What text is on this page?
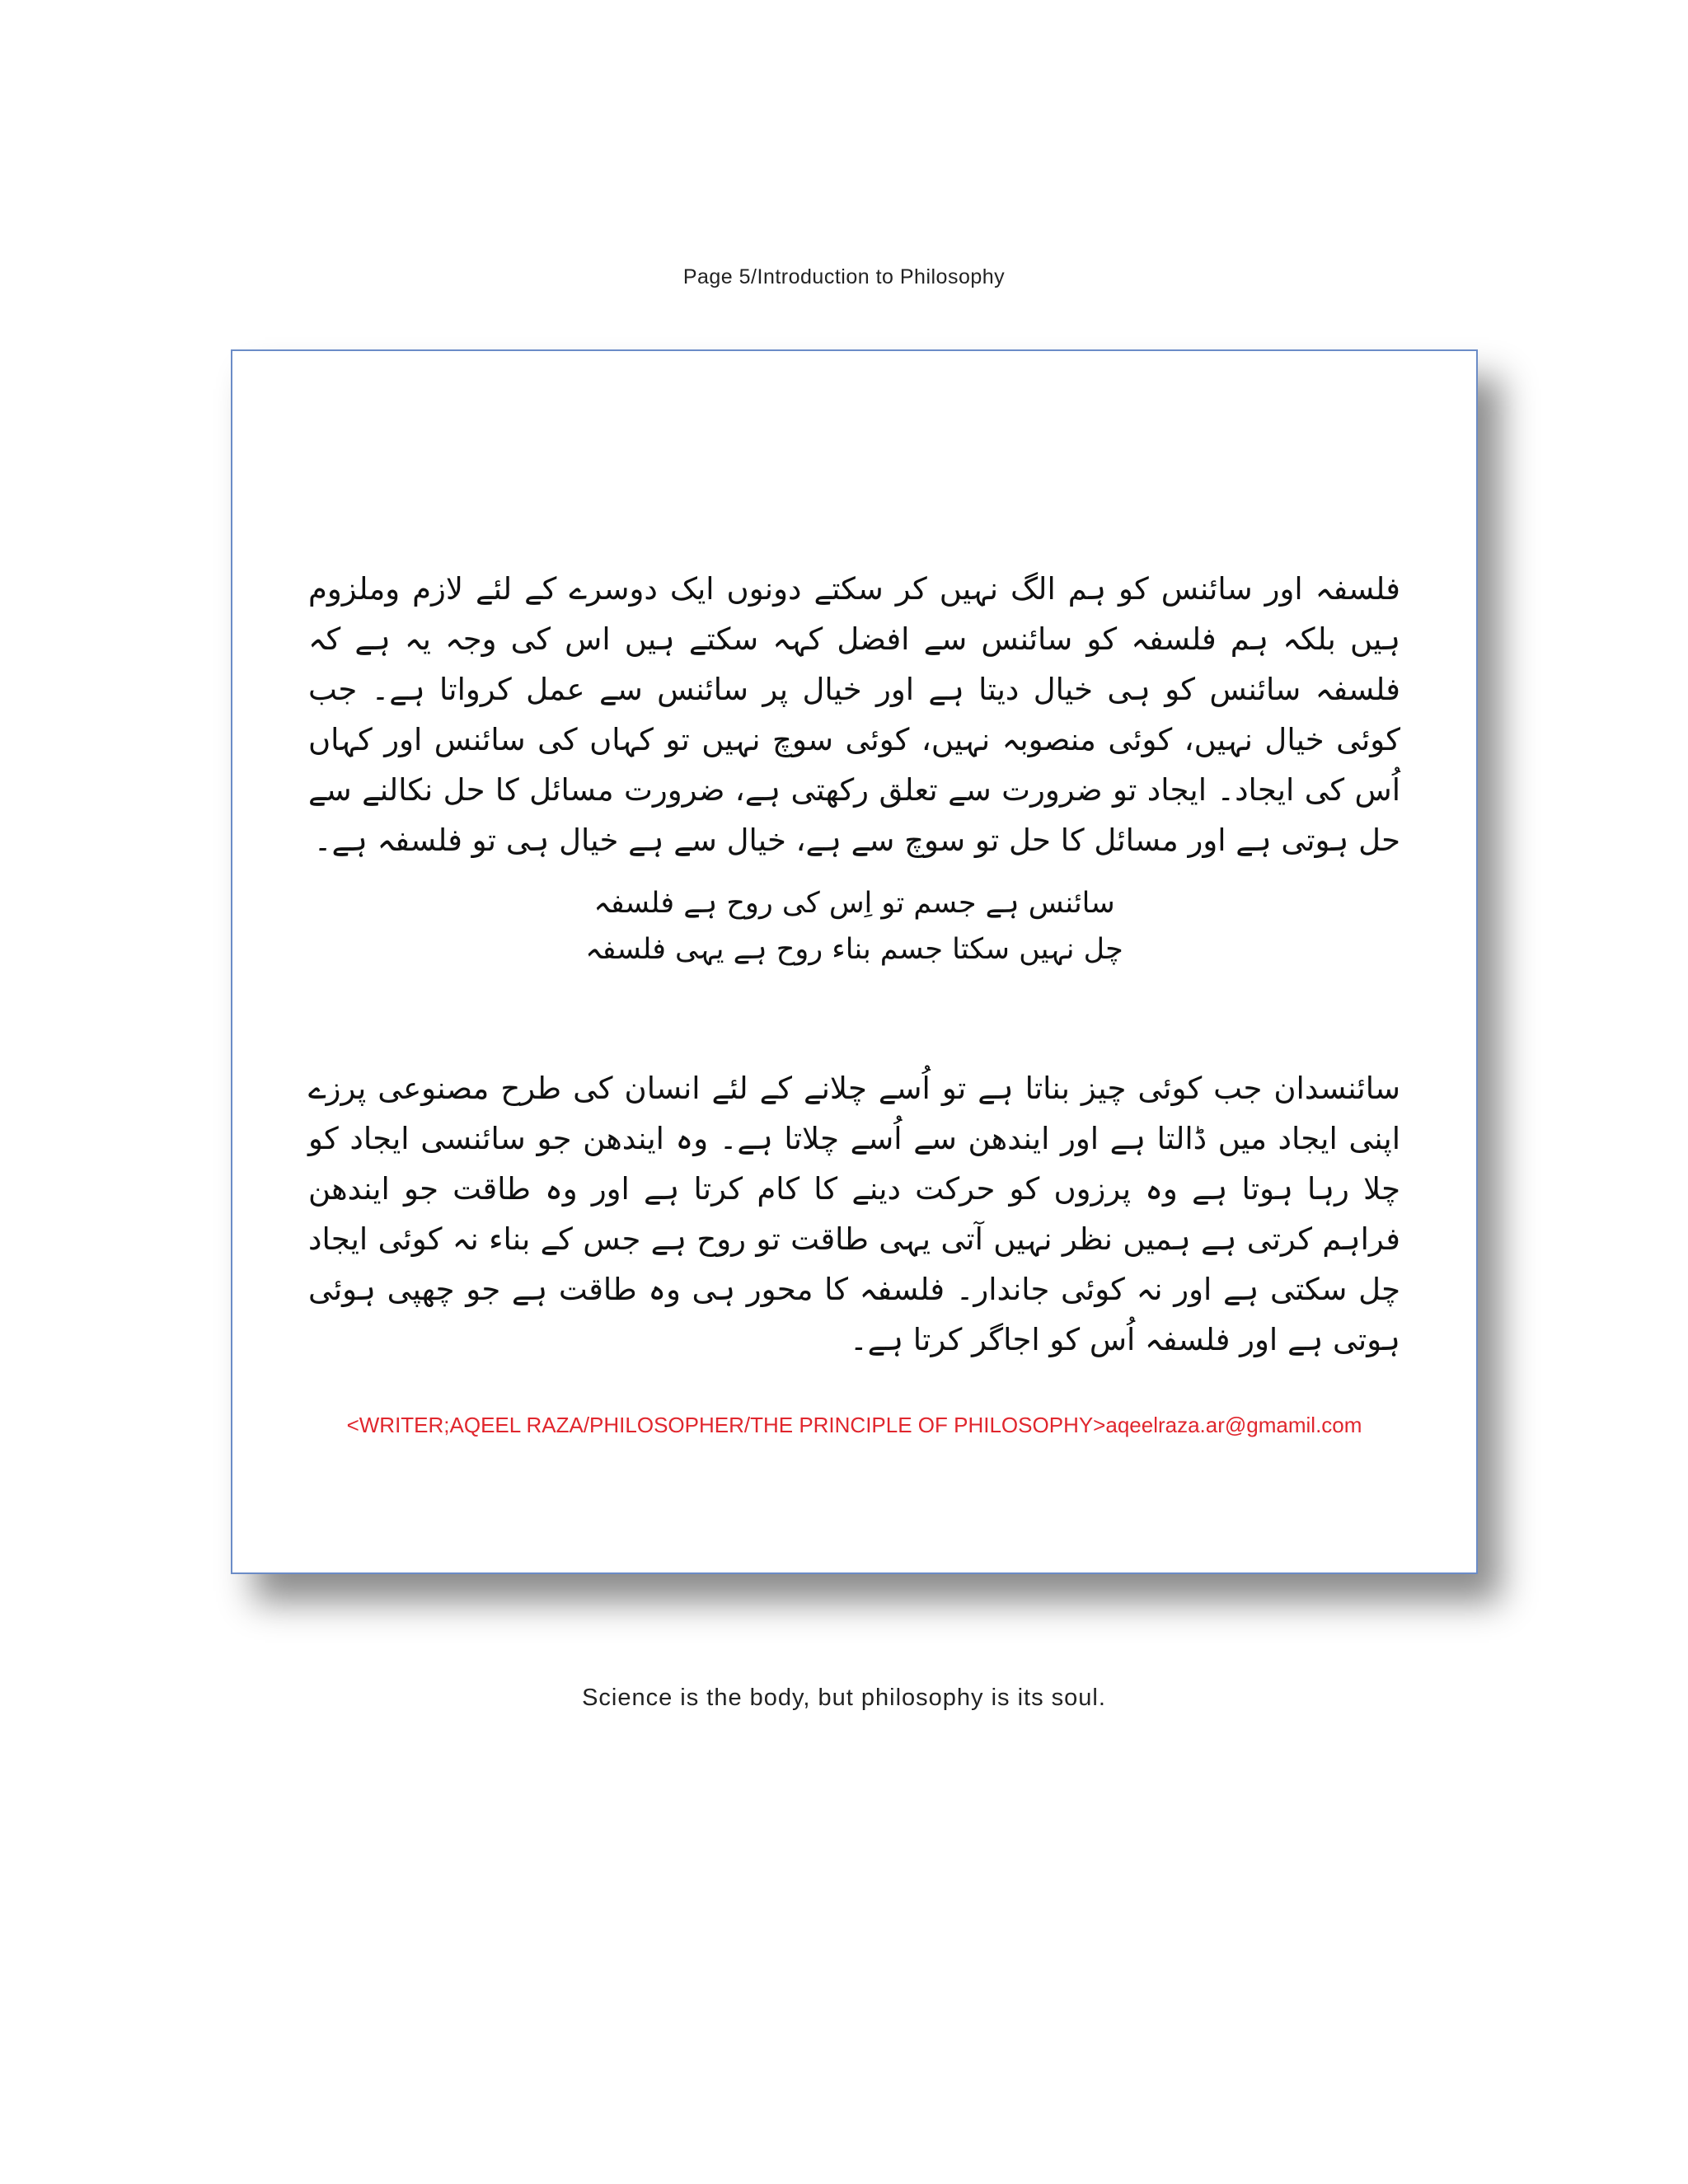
Page 5/Introduction to Philosophy
فلسفہ اور سائنس کو ہم الگ نہیں کر سکتے دونوں ایک دوسرے کے لئے لازم وملزوم ہیں بلکہ ہم فلسفہ کو سائنس سے افضل کہہ سکتے ہیں اس کی وجہ یہ ہے کہ فلسفہ سائنس کو ہی خیال دیتا ہے اور خیال پر سائنس سے عمل کرواتا ہے۔ جب کوئی خیال نہیں، کوئی منصوبہ نہیں، کوئی سوچ نہیں تو کہاں کی سائنس اور کہاں اُس کی ایجاد۔ ایجاد تو ضرورت سے تعلق رکھتی ہے، ضرورت مسائل کا حل نکالنے سے حل ہوتی ہے اور مسائل کا حل تو سوچ سے ہے، خیال سے ہے خیال ہی تو فلسفہ ہے۔
سائنس ہے جسم تو اِس کی روح ہے فلسفہ
چل نہیں سکتا جسم بناء روح ہے یہی فلسفہ
سائنسدان جب کوئی چیز بناتا ہے تو اُسے چلانے کے لئے انسان کی طرح مصنوعی پرزے اپنی ایجاد میں ڈالتا ہے اور ایندھن سے اُسے چلاتا ہے۔ وہ ایندھن جو سائنسی ایجاد کو چلا رہا ہوتا ہے وہ پرزوں کو حرکت دینے کا کام کرتا ہے اور وہ طاقت جو ایندھن فراہم کرتی ہے ہمیں نظر نہیں آتی یہی طاقت تو روح ہے جس کے بناء نہ کوئی ایجاد چل سکتی ہے اور نہ کوئی جاندار۔ فلسفہ کا محور ہی وہ طاقت ہے جو چھپی ہوئی ہوتی ہے اور فلسفہ اُس کو اجاگر کرتا ہے۔
<WRITER;AQEEL RAZA/PHILOSOPHER/THE PRINCIPLE OF PHILOSOPHY>aqeelraza.ar@gmamil.com
Science is the body, but philosophy is its soul.
